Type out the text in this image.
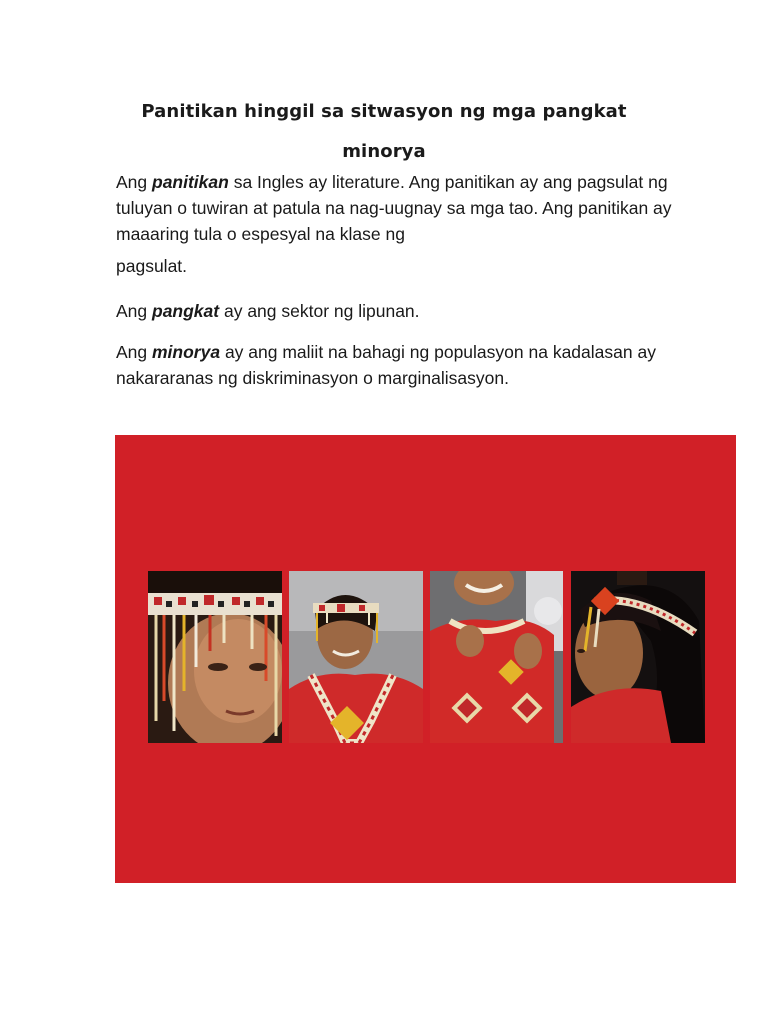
Panitikan hinggil sa sitwasyon ng mga pangkat
minorya
Ang panitikan sa Ingles ay literature. Ang panitikan ay ang pagsulat ng tuluyan o tuwiran at patula na nag-uugnay sa mga tao. Ang panitikan ay maaaring tula o espesyal na klase ng
pagsulat.
Ang pangkat ay ang sektor ng lipunan.
Ang minorya ay ang maliit na bahagi ng populasyon na kadalasan ay nakararanas ng diskriminasyon o marginalisasyon.
